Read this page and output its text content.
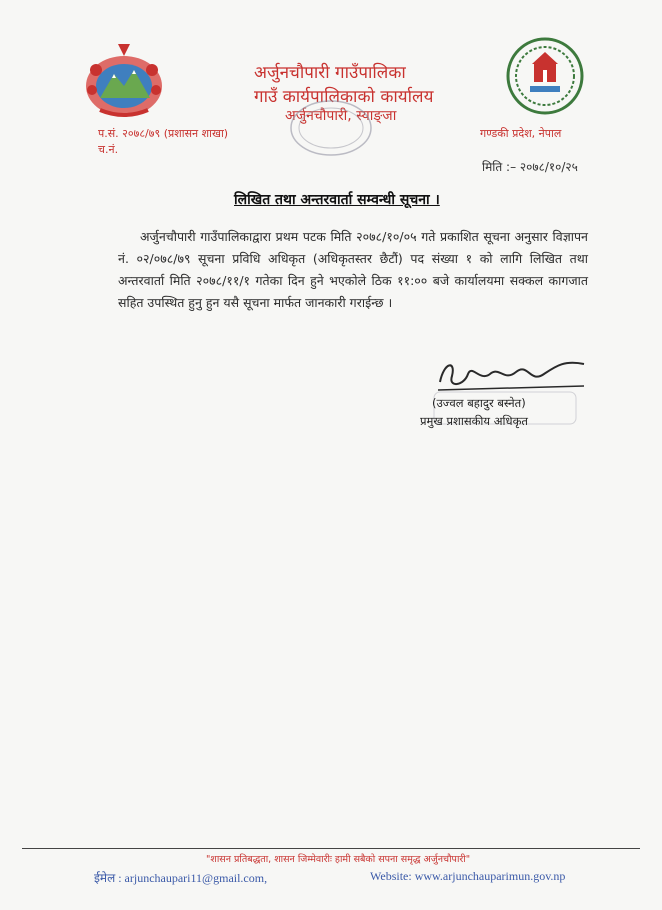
अर्जुनचौपारी गाउँपालिका
गाउँ कार्यपालिकाको कार्यालय
अर्जुनचौपारी, स्याङ्जा
प.सं. २०७८/७९ (प्रशासन शाखा)
च.नं.
गण्डकी प्रदेश, नेपाल
मिति :– २०७८/१०/२५
लिखित तथा अन्तरवार्ता सम्वन्धी सूचना ।
अर्जुनचौपारी गाउँपालिकाद्वारा प्रथम पटक मिति २०७८/१०/०५ गते प्रकाशित सूचना अनुसार विज्ञापन नं. ०२/०७८/७९ सूचना प्रविधि अधिकृत (अधिकृतस्तर छैटौं) पद संख्या १ को लागि लिखित तथा अन्तरवार्ता मिति २०७८/११/१ गतेका दिन हुने भएकोले ठिक ११:०० बजे कार्यालयमा सक्कल कागजात सहित उपस्थित हुनु हुन यसै सूचना मार्फत जानकारी गराईन्छ ।
(उज्वल बहादुर बस्नेत)
प्रमुख प्रशासकीय अधिकृत
"शासन प्रतिबद्धता, शासन जिम्मेवारीः हामी सबैको सपना समृद्ध अर्जुनचौपारी"
ईमेल : arjunchaupari11@gmail.com,	Website: www.arjunchauparimun.gov.np
